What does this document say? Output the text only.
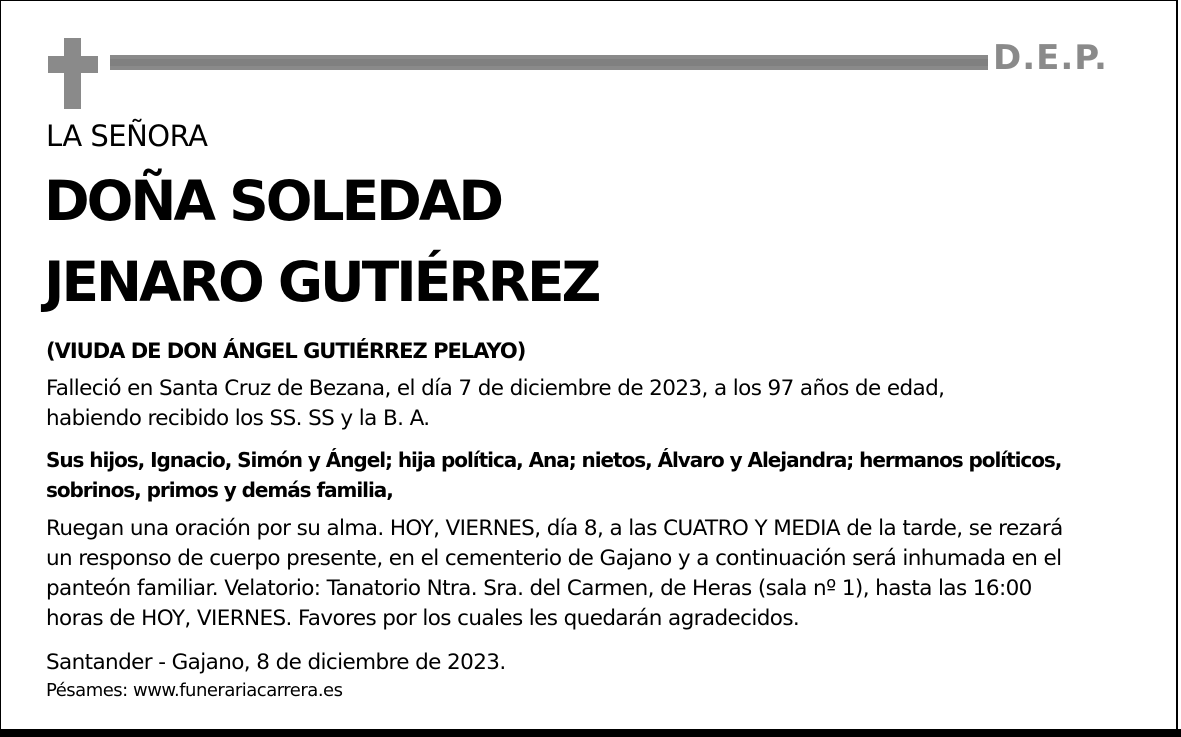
D.E.P.
LA SEÑORA
DOÑA SOLEDAD
JENARO GUTIÉRREZ
(VIUDA DE DON ÁNGEL GUTIÉRREZ PELAYO)
Falleció en Santa Cruz de Bezana, el día 7 de diciembre de 2023, a los 97 años de edad,
habiendo recibido los SS. SS y la B. A.
Sus hijos, Ignacio, Simón y Ángel; hija política, Ana; nietos, Álvaro y Alejandra; hermanos políticos,
sobrinos, primos y demás familia,
Ruegan una oración por su alma. HOY, VIERNES, día 8, a las CUATRO Y MEDIA de la tarde, se rezará
un responso de cuerpo presente, en el cementerio de Gajano y a continuación será inhumada en el
panteón familiar. Velatorio: Tanatorio Ntra. Sra. del Carmen, de Heras (sala nº 1), hasta las 16:00
horas de HOY, VIERNES. Favores por los cuales les quedarán agradecidos.
Santander - Gajano, 8 de diciembre de 2023.
Pésames: www.funerariacarrera.es
